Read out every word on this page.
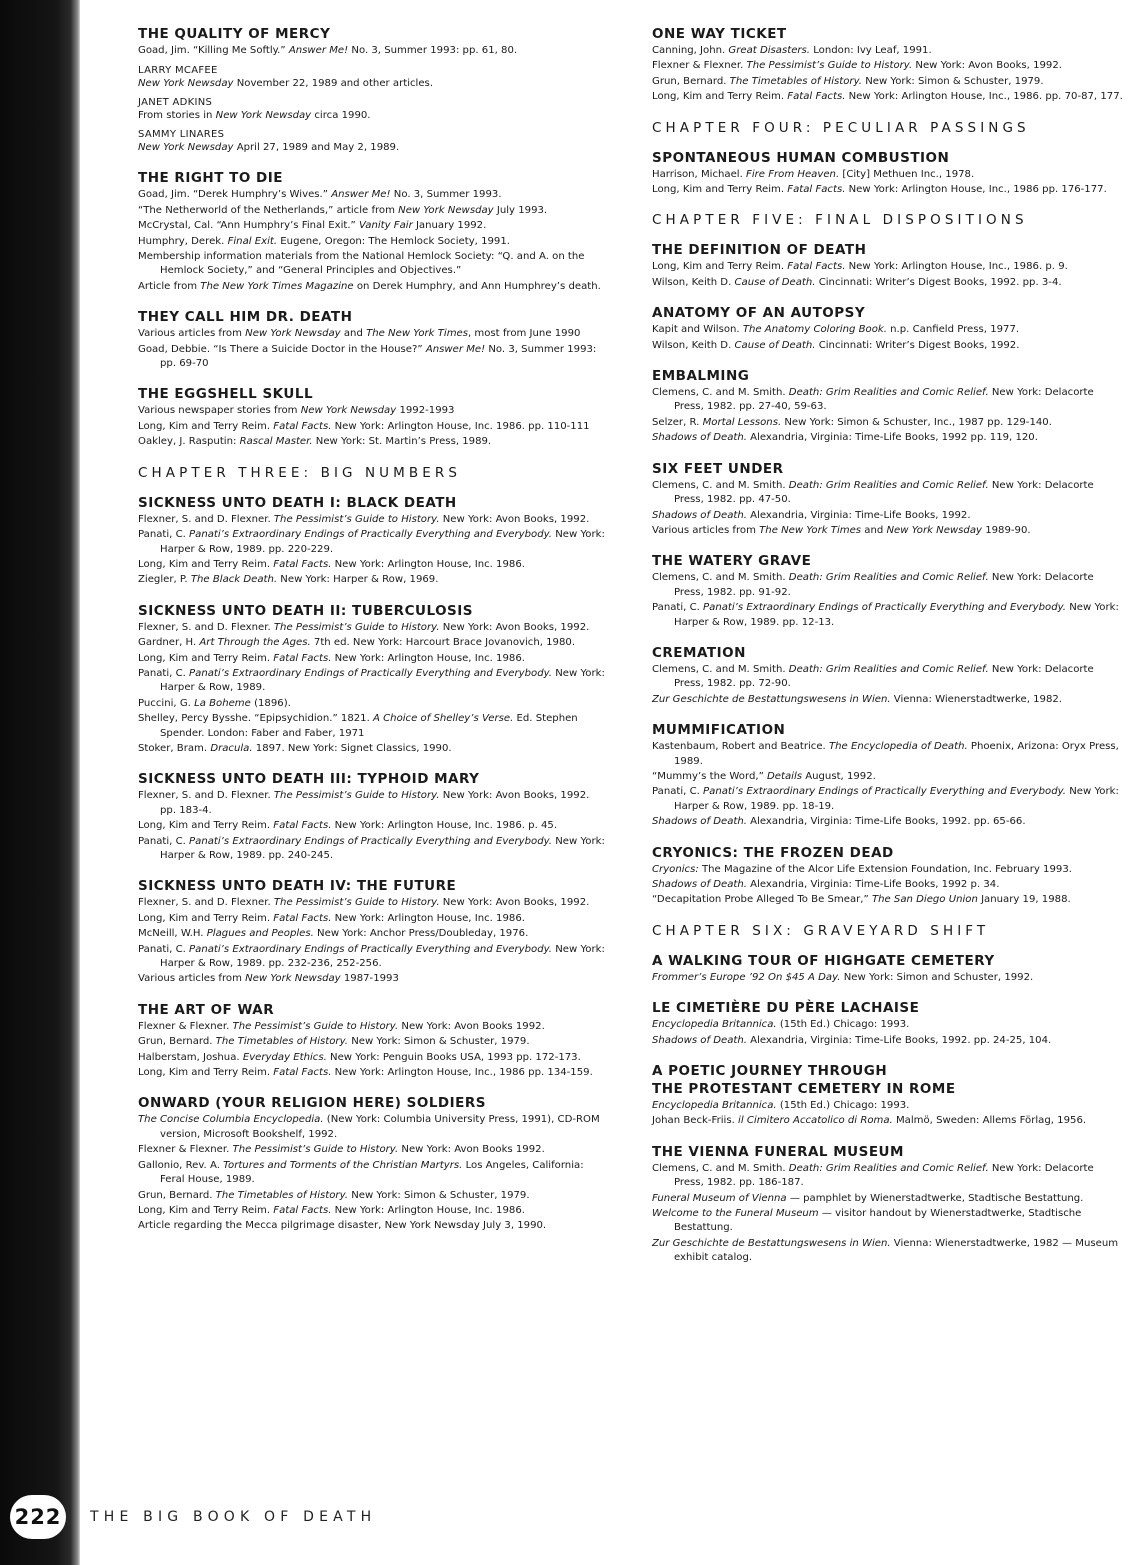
THE QUALITY OF MERCY
Goad, Jim. “Killing Me Softly.” Answer Me! No. 3, Summer 1993: pp. 61, 80.
LARRY MCAFEE
New York Newsday November 22, 1989 and other articles.
JANET ADKINS
From stories in New York Newsday circa 1990.
SAMMY LINARES
New York Newsday April 27, 1989 and May 2, 1989.
THE RIGHT TO DIE
Goad, Jim. “Derek Humphry’s Wives.” Answer Me! No. 3, Summer 1993.
“The Netherworld of the Netherlands,” article from New York Newsday July 1993.
McCrystal, Cal. “Ann Humphry’s Final Exit.” Vanity Fair January 1992.
Humphry, Derek. Final Exit. Eugene, Oregon: The Hemlock Society, 1991.
Membership information materials from the National Hemlock Society: “Q. and A. on the Hemlock Society,” and “General Principles and Objectives.”
Article from The New York Times Magazine on Derek Humphry, and Ann Humphrey’s death.
THEY CALL HIM DR. DEATH
Various articles from New York Newsday and The New York Times, most from June 1990
Goad, Debbie. “Is There a Suicide Doctor in the House?” Answer Me! No. 3, Summer 1993: pp. 69-70
THE EGGSHELL SKULL
Various newspaper stories from New York Newsday 1992-1993
Long, Kim and Terry Reim. Fatal Facts. New York: Arlington House, Inc. 1986. pp. 110-111
Oakley, J. Rasputin: Rascal Master. New York: St. Martin’s Press, 1989.
CHAPTER THREE: BIG NUMBERS
SICKNESS UNTO DEATH I: BLACK DEATH
Flexner, S. and D. Flexner. The Pessimist’s Guide to History. New York: Avon Books, 1992.
Panati, C. Panati’s Extraordinary Endings of Practically Everything and Everybody. New York: Harper & Row, 1989. pp. 220-229.
Long, Kim and Terry Reim. Fatal Facts. New York: Arlington House, Inc. 1986.
Ziegler, P. The Black Death. New York: Harper & Row, 1969.
SICKNESS UNTO DEATH II: TUBERCULOSIS
Flexner, S. and D. Flexner. The Pessimist’s Guide to History. New York: Avon Books, 1992.
Gardner, H. Art Through the Ages. 7th ed. New York: Harcourt Brace Jovanovich, 1980.
Long, Kim and Terry Reim. Fatal Facts. New York: Arlington House, Inc. 1986.
Panati, C. Panati’s Extraordinary Endings of Practically Everything and Everybody. New York: Harper & Row, 1989.
Puccini, G. La Boheme (1896).
Shelley, Percy Bysshe. “Epipsychidion.” 1821. A Choice of Shelley’s Verse. Ed. Stephen Spender. London: Faber and Faber, 1971
Stoker, Bram. Dracula. 1897. New York: Signet Classics, 1990.
SICKNESS UNTO DEATH III: TYPHOID MARY
Flexner, S. and D. Flexner. The Pessimist’s Guide to History. New York: Avon Books, 1992. pp. 183-4.
Long, Kim and Terry Reim. Fatal Facts. New York: Arlington House, Inc. 1986. p. 45.
Panati, C. Panati’s Extraordinary Endings of Practically Everything and Everybody. New York: Harper & Row, 1989. pp. 240-245.
SICKNESS UNTO DEATH IV: THE FUTURE
Flexner, S. and D. Flexner. The Pessimist’s Guide to History. New York: Avon Books, 1992.
Long, Kim and Terry Reim. Fatal Facts. New York: Arlington House, Inc. 1986.
McNeill, W.H. Plagues and Peoples. New York: Anchor Press/Doubleday, 1976.
Panati, C. Panati’s Extraordinary Endings of Practically Everything and Everybody. New York: Harper & Row, 1989. pp. 232-236, 252-256.
Various articles from New York Newsday 1987-1993
THE ART OF WAR
Flexner & Flexner. The Pessimist’s Guide to History. New York: Avon Books 1992.
Grun, Bernard. The Timetables of History. New York: Simon & Schuster, 1979.
Halberstam, Joshua. Everyday Ethics. New York: Penguin Books USA, 1993 pp. 172-173.
Long, Kim and Terry Reim. Fatal Facts. New York: Arlington House, Inc., 1986 pp. 134-159.
ONWARD (YOUR RELIGION HERE) SOLDIERS
The Concise Columbia Encyclopedia. (New York: Columbia University Press, 1991), CD-ROM version, Microsoft Bookshelf, 1992.
Flexner & Flexner. The Pessimist’s Guide to History. New York: Avon Books 1992.
Gallonio, Rev. A. Tortures and Torments of the Christian Martyrs. Los Angeles, California: Feral House, 1989.
Grun, Bernard. The Timetables of History. New York: Simon & Schuster, 1979.
Long, Kim and Terry Reim. Fatal Facts. New York: Arlington House, Inc. 1986.
Article regarding the Mecca pilgrimage disaster, New York Newsday July 3, 1990.
ONE WAY TICKET
Canning, John. Great Disasters. London: Ivy Leaf, 1991.
Flexner & Flexner. The Pessimist’s Guide to History. New York: Avon Books, 1992.
Grun, Bernard. The Timetables of History. New York: Simon & Schuster, 1979.
Long, Kim and Terry Reim. Fatal Facts. New York: Arlington House, Inc., 1986. pp. 70-87, 177.
CHAPTER FOUR: PECULIAR PASSINGS
SPONTANEOUS HUMAN COMBUSTION
Harrison, Michael. Fire From Heaven. [City] Methuen Inc., 1978.
Long, Kim and Terry Reim. Fatal Facts. New York: Arlington House, Inc., 1986 pp. 176-177.
CHAPTER FIVE: FINAL DISPOSITIONS
THE DEFINITION OF DEATH
Long, Kim and Terry Reim. Fatal Facts. New York: Arlington House, Inc., 1986. p. 9.
Wilson, Keith D. Cause of Death. Cincinnati: Writer’s Digest Books, 1992. pp. 3-4.
ANATOMY OF AN AUTOPSY
Kapit and Wilson. The Anatomy Coloring Book. n.p. Canfield Press, 1977.
Wilson, Keith D. Cause of Death. Cincinnati: Writer’s Digest Books, 1992.
EMBALMING
Clemens, C. and M. Smith. Death: Grim Realities and Comic Relief. New York: Delacorte Press, 1982. pp. 27-40, 59-63.
Selzer, R. Mortal Lessons. New York: Simon & Schuster, Inc., 1987 pp. 129-140.
Shadows of Death. Alexandria, Virginia: Time-Life Books, 1992 pp. 119, 120.
SIX FEET UNDER
Clemens, C. and M. Smith. Death: Grim Realities and Comic Relief. New York: Delacorte Press, 1982. pp. 47-50.
Shadows of Death. Alexandria, Virginia: Time-Life Books, 1992.
Various articles from The New York Times and New York Newsday 1989-90.
THE WATERY GRAVE
Clemens, C. and M. Smith. Death: Grim Realities and Comic Relief. New York: Delacorte Press, 1982. pp. 91-92.
Panati, C. Panati’s Extraordinary Endings of Practically Everything and Everybody. New York: Harper & Row, 1989. pp. 12-13.
CREMATION
Clemens, C. and M. Smith. Death: Grim Realities and Comic Relief. New York: Delacorte Press, 1982. pp. 72-90.
Zur Geschichte de Bestattungswesens in Wien. Vienna: Wienerstadtwerke, 1982.
MUMMIFICATION
Kastenbaum, Robert and Beatrice. The Encyclopedia of Death. Phoenix, Arizona: Oryx Press, 1989.
“Mummy’s the Word,” Details August, 1992.
Panati, C. Panati’s Extraordinary Endings of Practically Everything and Everybody. New York: Harper & Row, 1989. pp. 18-19.
Shadows of Death. Alexandria, Virginia: Time-Life Books, 1992. pp. 65-66.
CRYONICS: THE FROZEN DEAD
Cryonics: The Magazine of the Alcor Life Extension Foundation, Inc. February 1993.
Shadows of Death. Alexandria, Virginia: Time-Life Books, 1992 p. 34.
“Decapitation Probe Alleged To Be Smear,” The San Diego Union January 19, 1988.
CHAPTER SIX: GRAVEYARD SHIFT
A WALKING TOUR OF HIGHGATE CEMETERY
Frommer’s Europe ’92 On $45 A Day. New York: Simon and Schuster, 1992.
LE CIMETIÈRE DU PÈRE LACHAISE
Encyclopedia Britannica. (15th Ed.) Chicago: 1993.
Shadows of Death. Alexandria, Virginia: Time-Life Books, 1992. pp. 24-25, 104.
A POETIC JOURNEY THROUGH
THE PROTESTANT CEMETERY IN ROME
Encyclopedia Britannica. (15th Ed.) Chicago: 1993.
Johan Beck-Friis. il Cimitero Accatolico di Roma. Malmö, Sweden: Allems Förlag, 1956.
THE VIENNA FUNERAL MUSEUM
Clemens, C. and M. Smith. Death: Grim Realities and Comic Relief. New York: Delacorte Press, 1982. pp. 186-187.
Funeral Museum of Vienna — pamphlet by Wienerstadtwerke, Stadtische Bestattung.
Welcome to the Funeral Museum — visitor handout by Wienerstadtwerke, Stadtische Bestattung.
Zur Geschichte de Bestattungswesens in Wien. Vienna: Wienerstadtwerke, 1982 — Museum exhibit catalog.
222	THE BIG BOOK OF DEATH
